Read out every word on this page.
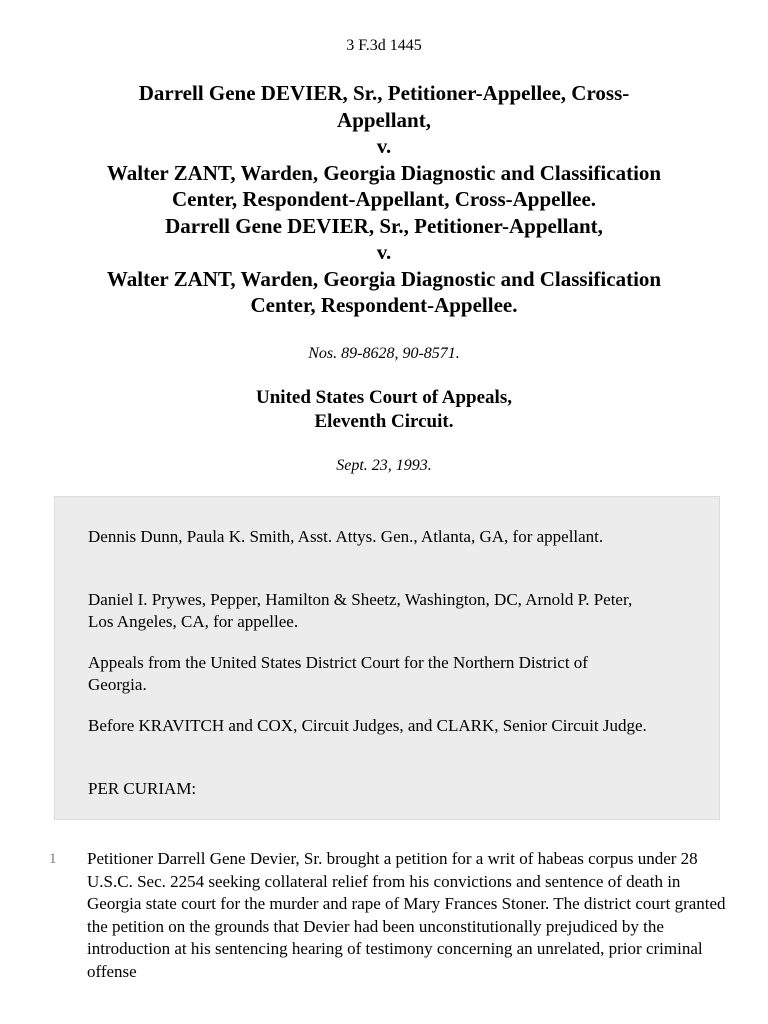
3 F.3d 1445
Darrell Gene DEVIER, Sr., Petitioner-Appellee, Cross-
Appellant,
v.
Walter ZANT, Warden, Georgia Diagnostic and Classification
Center, Respondent-Appellant, Cross-Appellee.
Darrell Gene DEVIER, Sr., Petitioner-Appellant,
v.
Walter ZANT, Warden, Georgia Diagnostic and Classification
Center, Respondent-Appellee.
Nos. 89-8628, 90-8571.
United States Court of Appeals,
Eleventh Circuit.
Sept. 23, 1993.

Dennis Dunn, Paula K. Smith, Asst. Attys. Gen., Atlanta, GA, for appellant.

Daniel I. Prywes, Pepper, Hamilton & Sheetz, Washington, DC, Arnold P. Peter, Los Angeles, CA, for appellee.

Appeals from the United States District Court for the Northern District of Georgia.

Before KRAVITCH and COX, Circuit Judges, and CLARK, Senior Circuit Judge.

PER CURIAM:

1 Petitioner Darrell Gene Devier, Sr. brought a petition for a writ of habeas corpus under 28 U.S.C. Sec. 2254 seeking collateral relief from his convictions and sentence of death in Georgia state court for the murder and rape of Mary Frances Stoner. The district court granted the petition on the grounds that Devier had been unconstitutionally prejudiced by the introduction at his sentencing hearing of testimony concerning an unrelated, prior criminal offense
